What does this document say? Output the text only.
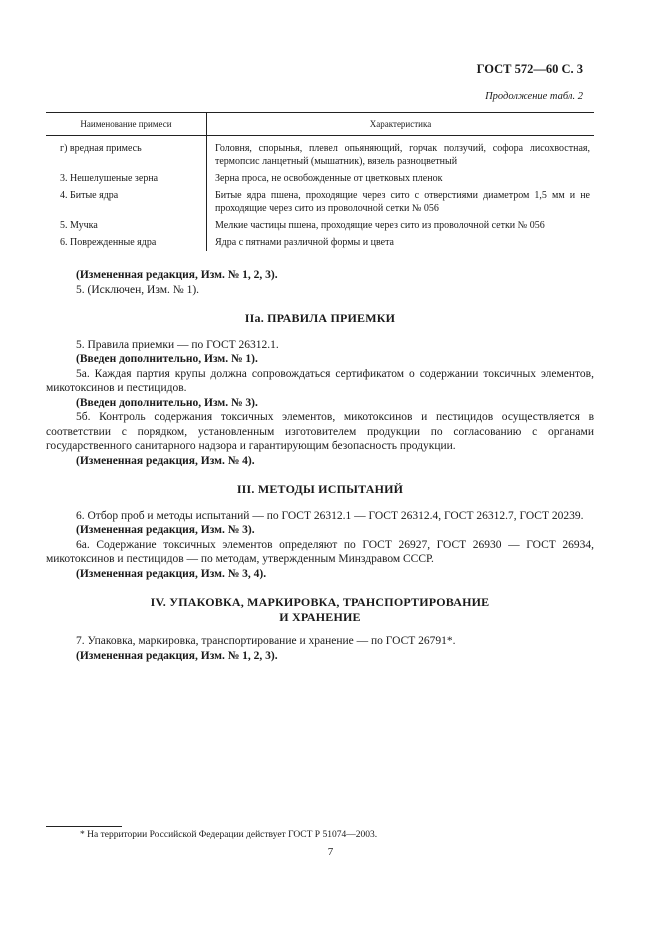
ГОСТ 572—60 С. 3
Продолжение табл. 2
Наименование примеси	Характеристика
г) вредная примесь	Головня, спорынья, плевел опьяняющий, горчак ползучий, софора лисохвостная, термопсис ланцетный (мышатник), вязель разноцветный
3. Нешелушеные зерна	Зерна проса, не освобожденные от цветковых пленок
4. Битые ядра	Битые ядра пшена, проходящие через сито с отверстиями диаметром 1,5 мм и не проходящие через сито из проволочной сетки № 056
5. Мучка	Мелкие частицы пшена, проходящие через сито из проволочной сетки № 056
6. Поврежденные ядра	Ядра с пятнами различной формы и цвета

(Измененная редакция, Изм. № 1, 2, 3).

5. (Исключен, Изм. № 1).

IIa. ПРАВИЛА ПРИЕМКИ

5. Правила приемки — по ГОСТ 26312.1.

(Введен дополнительно, Изм. № 1).

5а. Каждая партия крупы должна сопровождаться сертификатом о содержании токсичных элементов, микотоксинов и пестицидов.

(Введен дополнительно, Изм. № 3).

5б. Контроль содержания токсичных элементов, микотоксинов и пестицидов осуществляется в соответствии с порядком, установленным изготовителем продукции по согласованию с органами государственного санитарного надзора и гарантирующим безопасность продукции.

(Измененная редакция, Изм. № 4).

III. МЕТОДЫ ИСПЫТАНИЙ

6. Отбор проб и методы испытаний — по ГОСТ 26312.1 — ГОСТ 26312.4, ГОСТ 26312.7, ГОСТ 20239.

(Измененная редакция, Изм. № 3).

6а. Содержание токсичных элементов определяют по ГОСТ 26927, ГОСТ 26930 — ГОСТ 26934, микотоксинов и пестицидов — по методам, утвержденным Минздравом СССР.

(Измененная редакция, Изм. № 3, 4).

IV. УПАКОВКА, МАРКИРОВКА, ТРАНСПОРТИРОВАНИЕ
И ХРАНЕНИЕ

7. Упаковка, маркировка, транспортирование и хранение — по ГОСТ 26791*.

(Измененная редакция, Изм. № 1, 2, 3).

* На территории Российской Федерации действует ГОСТ Р 51074—2003.
7
